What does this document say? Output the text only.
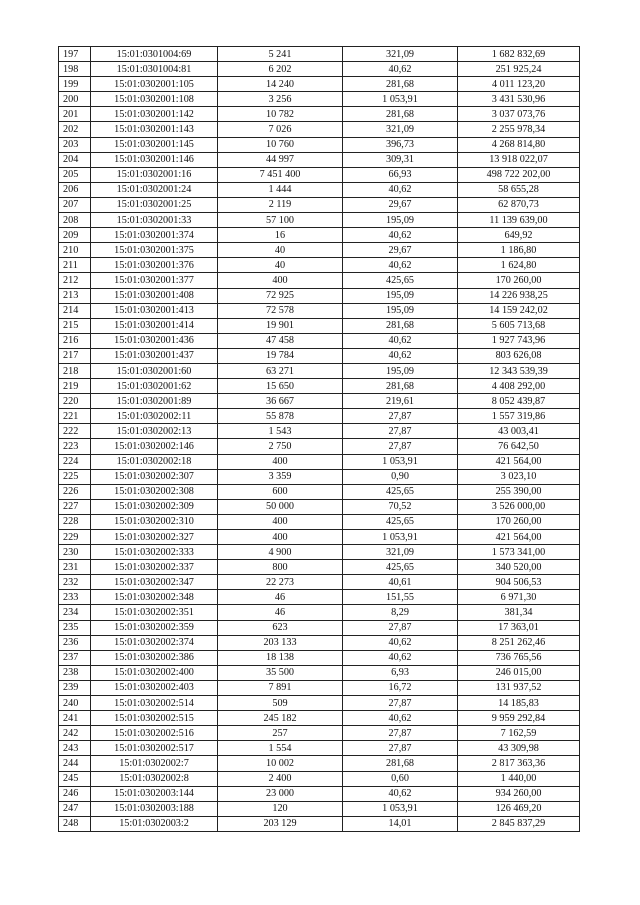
197	15:01:0301004:69	5 241	321,09	1 682 832,69
198	15:01:0301004:81	6 202	40,62	251 925,24
199	15:01:0302001:105	14 240	281,68	4 011 123,20
200	15:01:0302001:108	3 256	1 053,91	3 431 530,96
201	15:01:0302001:142	10 782	281,68	3 037 073,76
202	15:01:0302001:143	7 026	321,09	2 255 978,34
203	15:01:0302001:145	10 760	396,73	4 268 814,80
204	15:01:0302001:146	44 997	309,31	13 918 022,07
205	15:01:0302001:16	7 451 400	66,93	498 722 202,00
206	15:01:0302001:24	1 444	40,62	58 655,28
207	15:01:0302001:25	2 119	29,67	62 870,73
208	15:01:0302001:33	57 100	195,09	11 139 639,00
209	15:01:0302001:374	16	40,62	649,92
210	15:01:0302001:375	40	29,67	1 186,80
211	15:01:0302001:376	40	40,62	1 624,80
212	15:01:0302001:377	400	425,65	170 260,00
213	15:01:0302001:408	72 925	195,09	14 226 938,25
214	15:01:0302001:413	72 578	195,09	14 159 242,02
215	15:01:0302001:414	19 901	281,68	5 605 713,68
216	15:01:0302001:436	47 458	40,62	1 927 743,96
217	15:01:0302001:437	19 784	40,62	803 626,08
218	15:01:0302001:60	63 271	195,09	12 343 539,39
219	15:01:0302001:62	15 650	281,68	4 408 292,00
220	15:01:0302001:89	36 667	219,61	8 052 439,87
221	15:01:0302002:11	55 878	27,87	1 557 319,86
222	15:01:0302002:13	1 543	27,87	43 003,41
223	15:01:0302002:146	2 750	27,87	76 642,50
224	15:01:0302002:18	400	1 053,91	421 564,00
225	15:01:0302002:307	3 359	0,90	3 023,10
226	15:01:0302002:308	600	425,65	255 390,00
227	15:01:0302002:309	50 000	70,52	3 526 000,00
228	15:01:0302002:310	400	425,65	170 260,00
229	15:01:0302002:327	400	1 053,91	421 564,00
230	15:01:0302002:333	4 900	321,09	1 573 341,00
231	15:01:0302002:337	800	425,65	340 520,00
232	15:01:0302002:347	22 273	40,61	904 506,53
233	15:01:0302002:348	46	151,55	6 971,30
234	15:01:0302002:351	46	8,29	381,34
235	15:01:0302002:359	623	27,87	17 363,01
236	15:01:0302002:374	203 133	40,62	8 251 262,46
237	15:01:0302002:386	18 138	40,62	736 765,56
238	15:01:0302002:400	35 500	6,93	246 015,00
239	15:01:0302002:403	7 891	16,72	131 937,52
240	15:01:0302002:514	509	27,87	14 185,83
241	15:01:0302002:515	245 182	40,62	9 959 292,84
242	15:01:0302002:516	257	27,87	7 162,59
243	15:01:0302002:517	1 554	27,87	43 309,98
244	15:01:0302002:7	10 002	281,68	2 817 363,36
245	15:01:0302002:8	2 400	0,60	1 440,00
246	15:01:0302003:144	23 000	40,62	934 260,00
247	15:01:0302003:188	120	1 053,91	126 469,20
248	15:01:0302003:2	203 129	14,01	2 845 837,29
